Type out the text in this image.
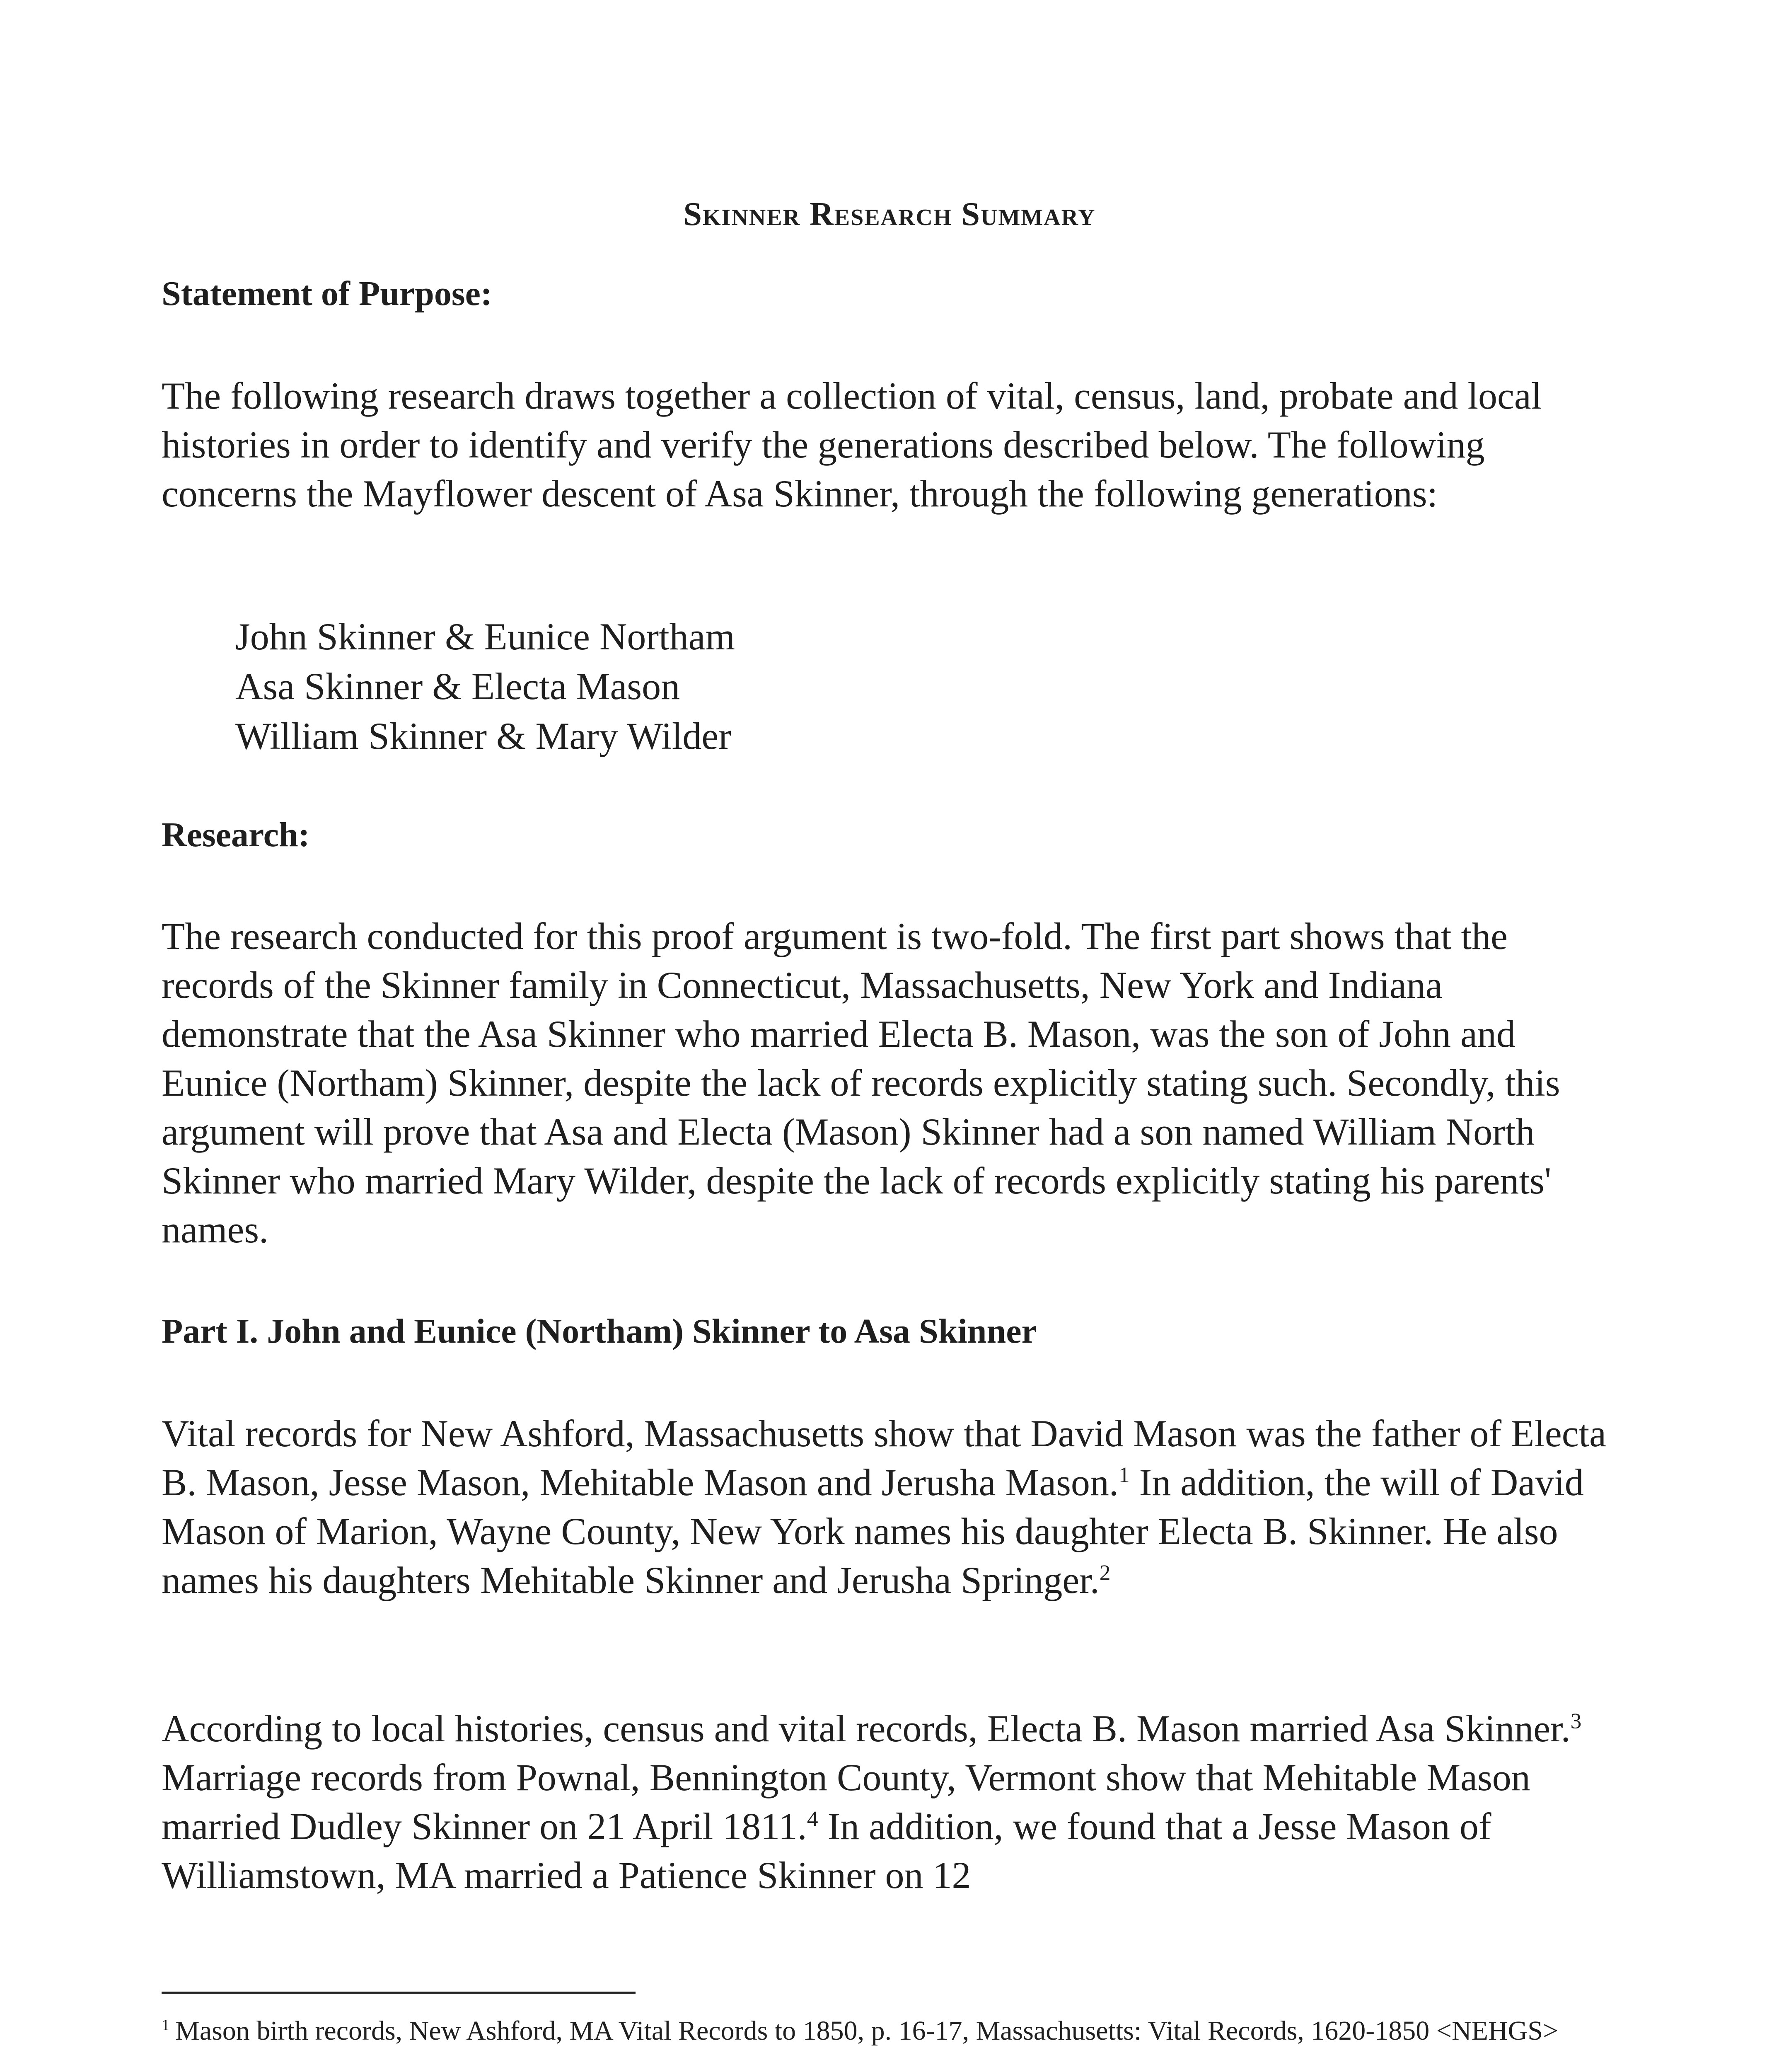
Skinner Research Summary
Statement of Purpose:

The following research draws together a collection of vital, census, land, probate and local histories in order to identify and verify the generations described below. The following concerns the Mayflower descent of Asa Skinner, through the following generations:

John Skinner & Eunice Northam
Asa Skinner & Electa Mason
William Skinner & Mary Wilder
Research:

The research conducted for this proof argument is two-fold. The first part shows that the records of the Skinner family in Connecticut, Massachusetts, New York and Indiana demonstrate that the Asa Skinner who married Electa B. Mason, was the son of John and Eunice (Northam) Skinner, despite the lack of records explicitly stating such. Secondly, this argument will prove that Asa and Electa (Mason) Skinner had a son named William North Skinner who married Mary Wilder, despite the lack of records explicitly stating his parents' names.

Part I. John and Eunice (Northam) Skinner to Asa Skinner

Vital records for New Ashford, Massachusetts show that David Mason was the father of Electa B. Mason, Jesse Mason, Mehitable Mason and Jerusha Mason.$^1$ In addition, the will of David Mason of Marion, Wayne County, New York names his daughter Electa B. Skinner. He also names his daughters Mehitable Skinner and Jerusha Springer.$^2$

According to local histories, census and vital records, Electa B. Mason married Asa Skinner.$^3$ Marriage records from Pownal, Bennington County, Vermont show that Mehitable Mason married Dudley Skinner on 21 April 1811.$^4$ In addition, we found that a Jesse Mason of Williamstown, MA married a Patience Skinner on 12

$^1$ Mason birth records, New Ashford, MA Vital Records to 1850, p. 16-17, Massachusetts: Vital Records, 1620-1850 <NEHGS>
